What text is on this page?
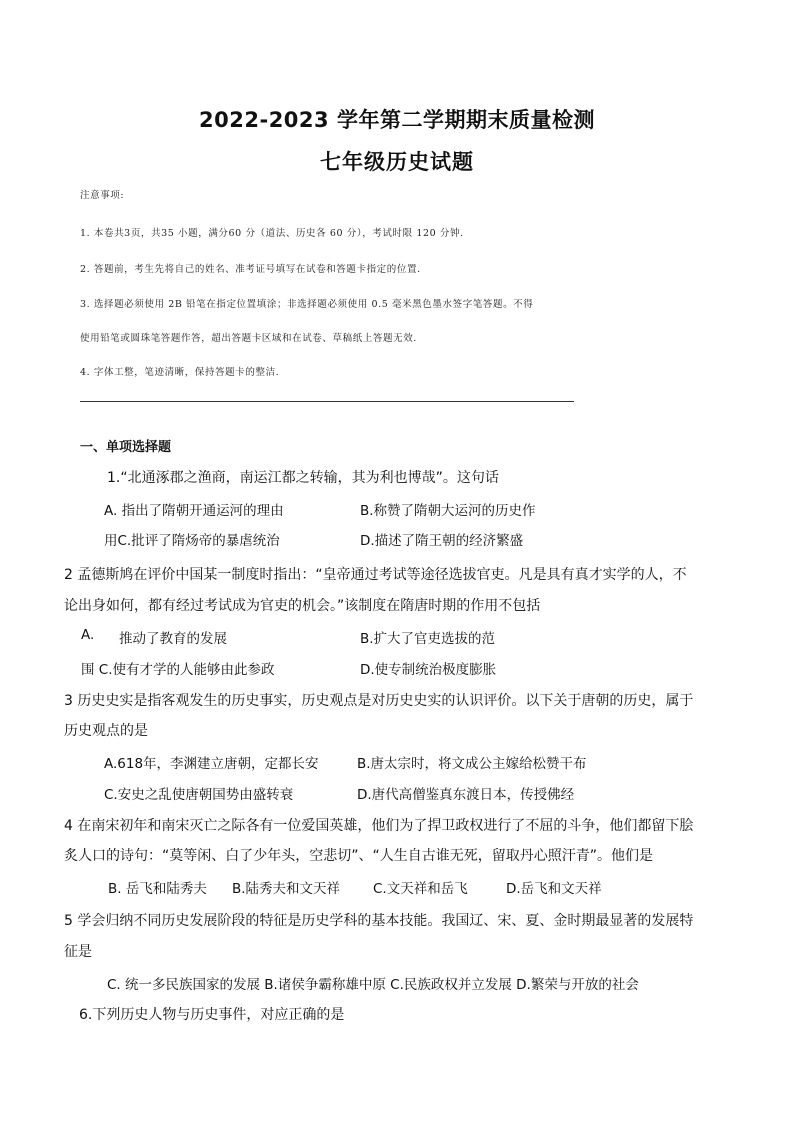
2022-2023 学年第二学期期末质量检测
七年级历史试题
注意事项:
1. 本卷共3页，共35 小题，满分60 分（道法、历史各 60 分），考试时限 120 分钟.
2. 答题前，考生先将自己的姓名、准考证号填写在试卷和答题卡指定的位置.
3. 选择题必须使用 2B 铅笔在指定位置填涂；非选择题必须使用 0.5 毫米黑色墨水签字笔答题。不得
使用铅笔或圆珠笔答题作答，超出答题卡区域和在试卷、草稿纸上答题无效.
4. 字体工整，笔迹清晰，保持答题卡的整洁.
一、单项选择题
1.“北通涿郡之渔商，南运江都之转输，其为利也博哉”。这句话
A. 指出了隋朝开通运河的理由	B.称赞了隋朝大运河的历史作
用C.批评了隋炀帝的暴虐统治	D.描述了隋王朝的经济繁盛
2 孟德斯鸠在评价中国某一制度时指出：“皇帝通过考试等途径选拔官吏。凡是具有真才实学的人，不
论出身如何，都有经过考试成为官吏的机会。”该制度在隋唐时期的作用不包括
A. 推动了教育的发展	B.扩大了官吏选拔的范
围 C.使有才学的人能够由此参政	D.使专制统治极度膨胀
3 历史史实是指客观发生的历史事实，历史观点是对历史史实的认识评价。以下关于唐朝的历史，属于
历史观点的是
A.618年，李渊建立唐朝，定都长安	B.唐太宗时，将文成公主嫁给松赞干布
C.安史之乱使唐朝国势由盛转衰	D.唐代高僧鉴真东渡日本，传授佛经
4 在南宋初年和南宋灭亡之际各有一位爱国英雄，他们为了捍卫政权进行了不屈的斗争，他们都留下脍
炙人口的诗句：“莫等闲、白了少年头，空悲切”、“人生自古谁无死，留取丹心照汗青”。他们是
B. 岳飞和陆秀夫 B.陆秀夫和文天祥 C.文天祥和岳飞	D.岳飞和文天祥
5 学会归纳不同历史发展阶段的特征是历史学科的基本技能。我国辽、宋、夏、金时期最显著的发展特
征是
C. 统一多民族国家的发展 B.诸侯争霸称雄中原 C.民族政权并立发展 D.繁荣与开放的社会
6.下列历史人物与历史事件，对应正确的是
